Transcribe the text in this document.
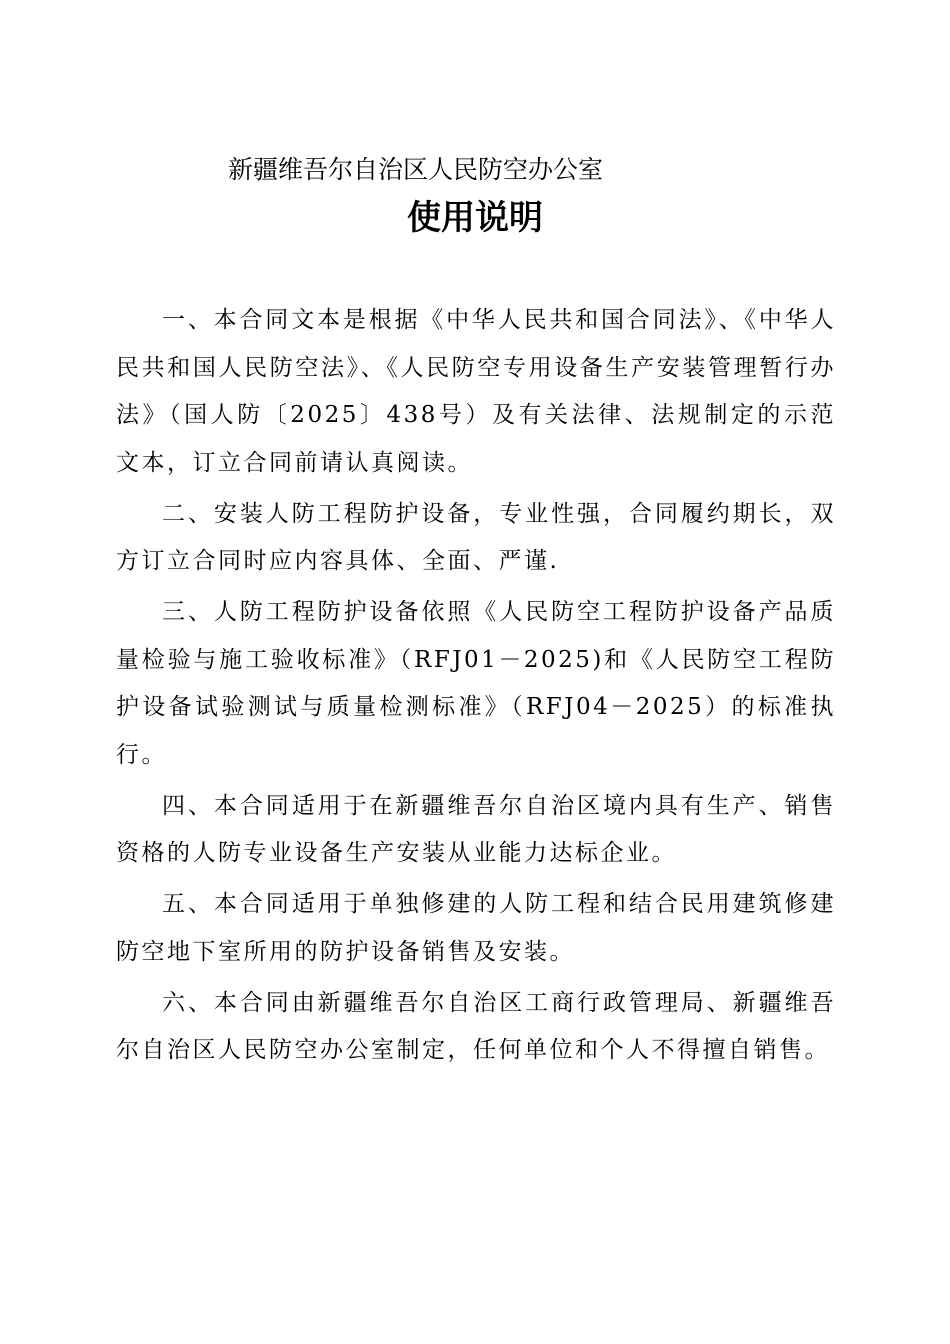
新疆维吾尔自治区人民防空办公室
使用说明

一、本合同文本是根据《中华人民共和国合同法》、《中华人民共和国人民防空法》、《人民防空专用设备生产安装管理暂行办法》（国人防〔2025〕438号）及有关法律、法规制定的示范文本，订立合同前请认真阅读。

二、安装人防工程防护设备，专业性强，合同履约期长，双方订立合同时应内容具体、全面、严谨.

三、人防工程防护设备依照《人民防空工程防护设备产品质量检验与施工验收标准》（RFJ01－2025)和《人民防空工程防护设备试验测试与质量检测标准》（RFJ04－2025）的标准执行。

四、本合同适用于在新疆维吾尔自治区境内具有生产、销售资格的人防专业设备生产安装从业能力达标企业。

五、本合同适用于单独修建的人防工程和结合民用建筑修建防空地下室所用的防护设备销售及安装。

六、本合同由新疆维吾尔自治区工商行政管理局、新疆维吾尔自治区人民防空办公室制定，任何单位和个人不得擅自销售。
